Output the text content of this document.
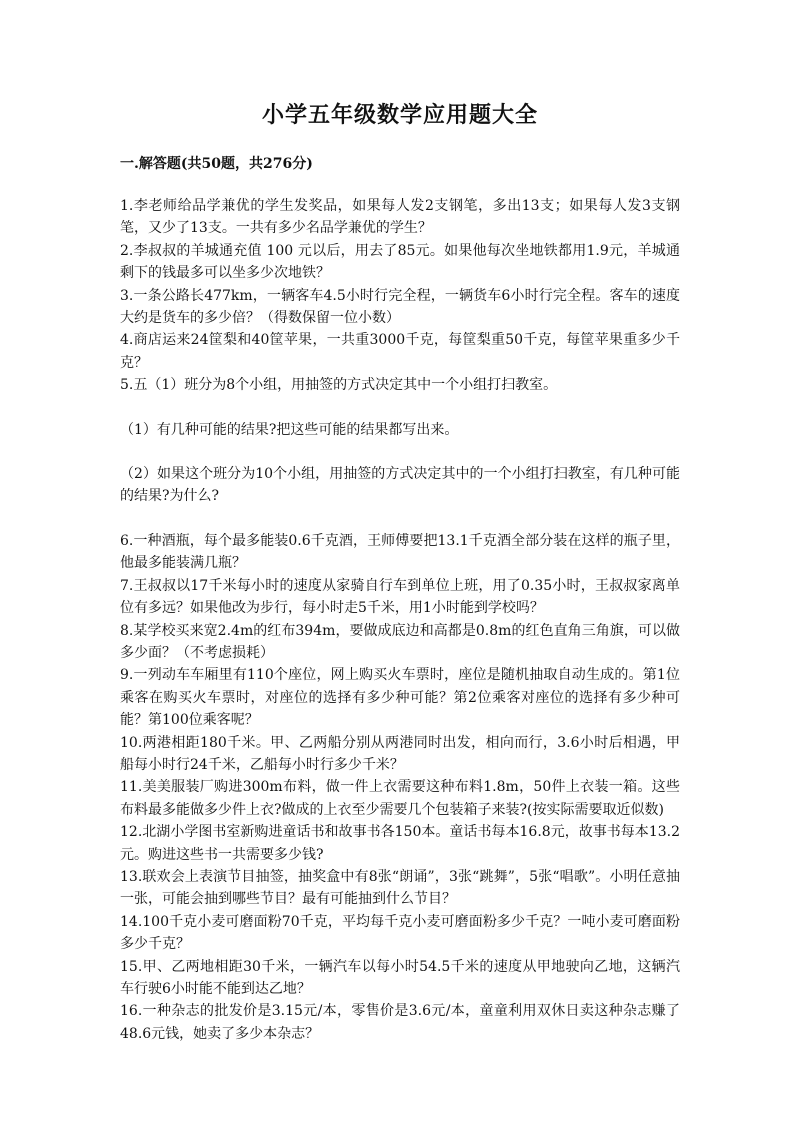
小学五年级数学应用题大全
一.解答题(共50题，共276分)

1.李老师给品学兼优的学生发奖品，如果每人发2支钢笔，多出13支；如果每人发3支钢笔，又少了13支。一共有多少名品学兼优的学生？

2.李叔叔的羊城通充值 100 元以后，用去了85元。如果他每次坐地铁都用1.9元，羊城通剩下的钱最多可以坐多少次地铁？

3.一条公路长477km，一辆客车4.5小时行完全程，一辆货车6小时行完全程。客车的速度大约是货车的多少倍？（得数保留一位小数）

4.商店运来24筐梨和40筐苹果，一共重3000千克，每筐梨重50千克，每筐苹果重多少千克？

5.五（1）班分为8个小组，用抽签的方式决定其中一个小组打扫教室。

（1）有几种可能的结果?把这些可能的结果都写出来。

（2）如果这个班分为10个小组，用抽签的方式决定其中的一个小组打扫教室，有几种可能的结果?为什么?

6.一种酒瓶，每个最多能装0.6千克酒，王师傅要把13.1千克酒全部分装在这样的瓶子里，他最多能装满几瓶？

7.王叔叔以17千米每小时的速度从家骑自行车到单位上班，用了0.35小时，王叔叔家离单位有多远？如果他改为步行，每小时走5千米，用1小时能到学校吗？

8.某学校买来宽2.4m的红布394m，要做成底边和高都是0.8m的红色直角三角旗，可以做多少面？（不考虑损耗）

9.一列动车车厢里有110个座位，网上购买火车票时，座位是随机抽取自动生成的。第1位乘客在购买火车票时，对座位的选择有多少种可能？第2位乘客对座位的选择有多少种可能？第100位乘客呢？

10.两港相距180千米。甲、乙两船分别从两港同时出发，相向而行，3.6小时后相遇，甲船每小时行24千米，乙船每小时行多少千米？

11.美美服装厂购进300m布料，做一件上衣需要这种布料1.8m，50件上衣装一箱。这些布料最多能做多少件上衣?做成的上衣至少需要几个包装箱子来装?(按实际需要取近似数)

12.北湖小学图书室新购进童话书和故事书各150本。童话书每本16.8元，故事书每本13.2元。购进这些书一共需要多少钱?

13.联欢会上表演节目抽签，抽奖盒中有8张“朗诵”，3张“跳舞”，5张“唱歌”。小明任意抽一张，可能会抽到哪些节目？最有可能抽到什么节目？

14.100千克小麦可磨面粉70千克，平均每千克小麦可磨面粉多少千克？一吨小麦可磨面粉多少千克？

15.甲、乙两地相距30千米，一辆汽车以每小时54.5千米的速度从甲地驶向乙地，这辆汽车行驶6小时能不能到达乙地？

16.一种杂志的批发价是3.15元/本，零售价是3.6元/本，童童利用双休日卖这种杂志赚了48.6元钱，她卖了多少本杂志？
